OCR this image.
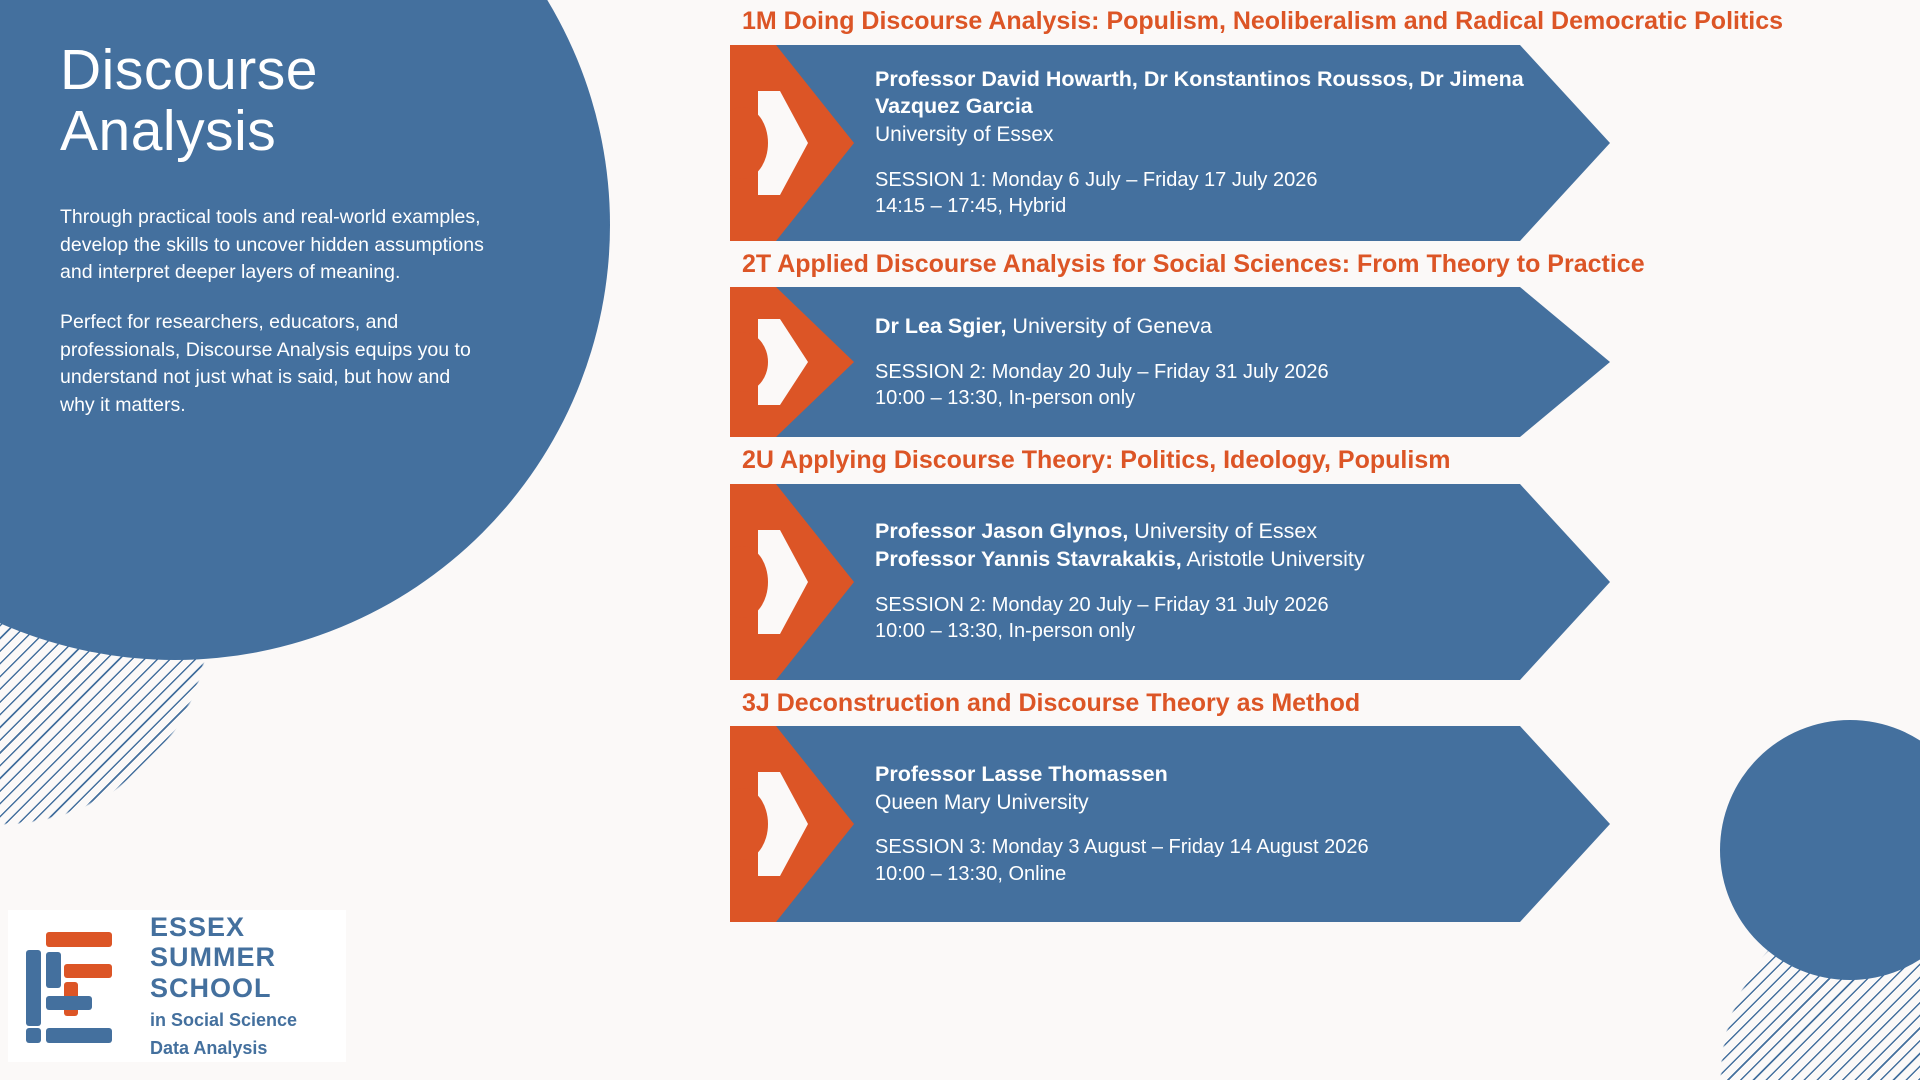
Discourse Analysis
Through practical tools and real-world examples, develop the skills to uncover hidden assumptions and interpret deeper layers of meaning.
Perfect for researchers, educators, and professionals, Discourse Analysis equips you to understand not just what is said, but how and why it matters.
ESSEX
SUMMER
SCHOOL
in Social Science
Data Analysis
1M Doing Discourse Analysis: Populism, Neoliberalism and Radical Democratic Politics
Professor David Howarth, Dr Konstantinos Roussos, Dr Jimena Vazquez Garcia
University of Essex
SESSION 1: Monday 6 July – Friday 17 July 2026
14:15 – 17:45, Hybrid
2T Applied Discourse Analysis for Social Sciences: From Theory to Practice
Dr Lea Sgier, University of Geneva
SESSION 2: Monday 20 July – Friday 31 July 2026
10:00 – 13:30, In-person only
2U Applying Discourse Theory: Politics, Ideology, Populism
Professor Jason Glynos, University of Essex
Professor Yannis Stavrakakis, Aristotle University
SESSION 2: Monday 20 July – Friday 31 July 2026
10:00 – 13:30, In-person only
3J Deconstruction and Discourse Theory as Method
Professor Lasse Thomassen
Queen Mary University
SESSION 3: Monday 3 August – Friday 14 August 2026
10:00 – 13:30, Online
